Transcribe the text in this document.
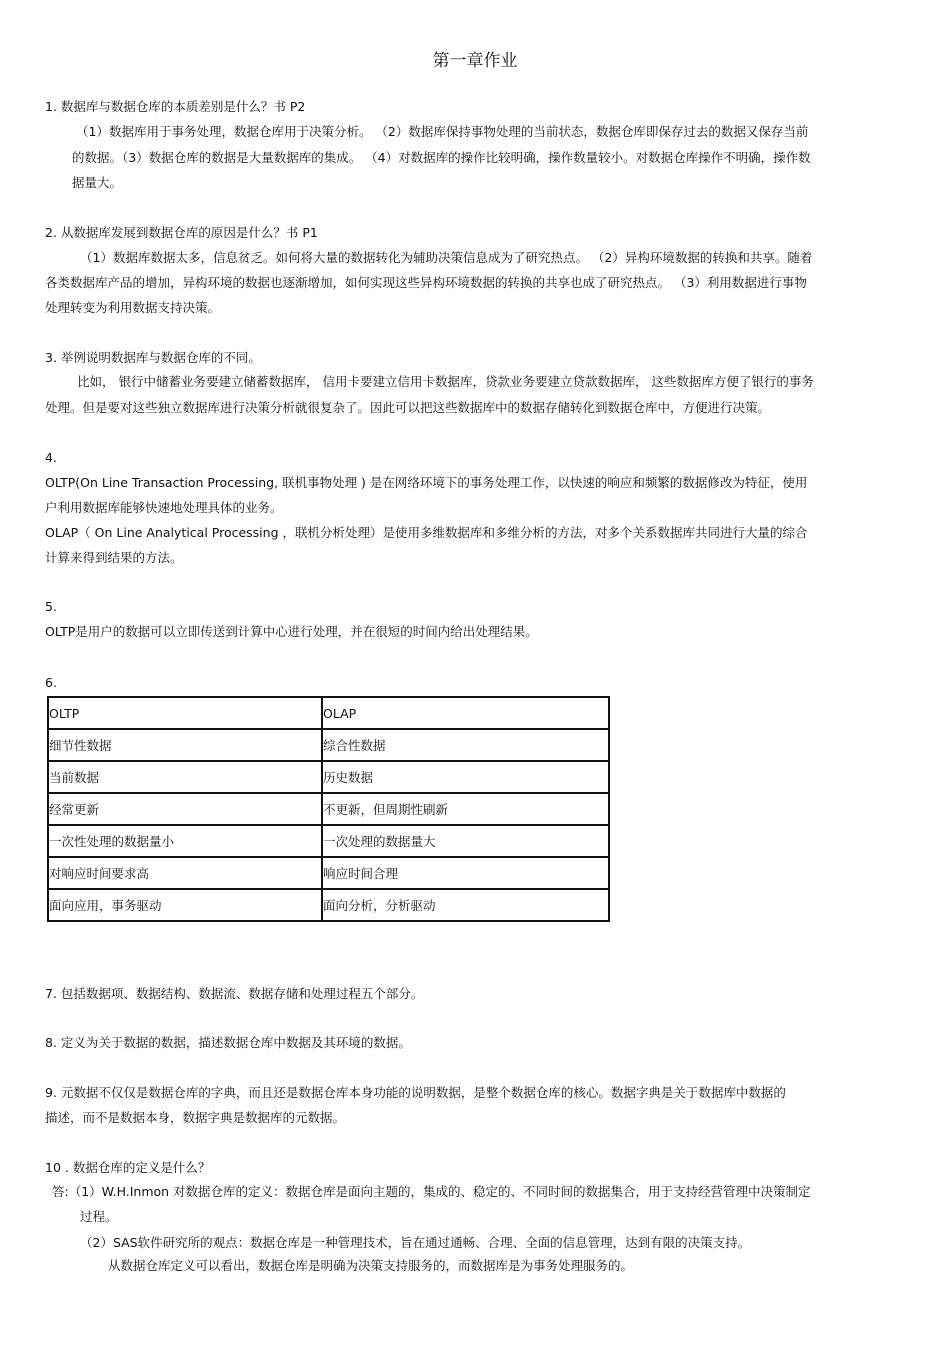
第一章作业
1. 数据库与数据仓库的本质差别是什么？书 P2
（1）数据库用于事务处理，数据仓库用于决策分析。 （2）数据库保持事物处理的当前状态，数据仓库即保存过去的数据又保存当前
的数据。（3）数据仓库的数据是大量数据库的集成。 （4）对数据库的操作比较明确，操作数量较小。对数据仓库操作不明确，操作数
据量大。
2. 从数据库发展到数据仓库的原因是什么？书 P1
（1）数据库数据太多，信息贫乏。如何将大量的数据转化为辅助决策信息成为了研究热点。 （2）异构环境数据的转换和共享。随着
各类数据库产品的增加，异构环境的数据也逐渐增加，如何实现这些异构环境数据的转换的共享也成了研究热点。 （3）利用数据进行事物
处理转变为利用数据支持决策。
3. 举例说明数据库与数据仓库的不同。
比如， 银行中储蓄业务要建立储蓄数据库， 信用卡要建立信用卡数据库，贷款业务要建立贷款数据库， 这些数据库方便了银行的事务
处理。但是要对这些独立数据库进行决策分析就很复杂了。因此可以把这些数据库中的数据存储转化到数据仓库中，方便进行决策。
4.
OLTP(On Line Transaction Processing, 联机事物处理 ) 是在网络环境下的事务处理工作，以快速的响应和频繁的数据修改为特征，使用
户利用数据库能够快速地处理具体的业务。
OLAP（ On Line Analytical Processing ，联机分析处理）是使用多维数据库和多维分析的方法，对多个关系数据库共同进行大量的综合
计算来得到结果的方法。
5.
OLTP是用户的数据可以立即传送到计算中心进行处理，并在很短的时间内给出处理结果。
6.
OLTP	OLAP
细节性数据	综合性数据
当前数据	历史数据
经常更新	不更新，但周期性刷新
一次性处理的数据量小	一次处理的数据量大
对响应时间要求高	响应时间合理
面向应用，事务驱动	面向分析，分析驱动
7. 包括数据项、数据结构、数据流、数据存储和处理过程五个部分。
8. 定义为关于数据的数据，描述数据仓库中数据及其环境的数据。
9. 元数据不仅仅是数据仓库的字典，而且还是数据仓库本身功能的说明数据，是整个数据仓库的核心。数据字典是关于数据库中数据的
描述，而不是数据本身，数据字典是数据库的元数据。
10 . 数据仓库的定义是什么？
答:（1）W.H.Inmon 对数据仓库的定义：数据仓库是面向主题的，集成的、稳定的、不同时间的数据集合，用于支持经营管理中决策制定
过程。
（2）SAS软件研究所的观点：数据仓库是一种管理技术，旨在通过通畅、合理、全面的信息管理，达到有限的决策支持。
从数据仓库定义可以看出，数据仓库是明确为决策支持服务的，而数据库是为事务处理服务的。
